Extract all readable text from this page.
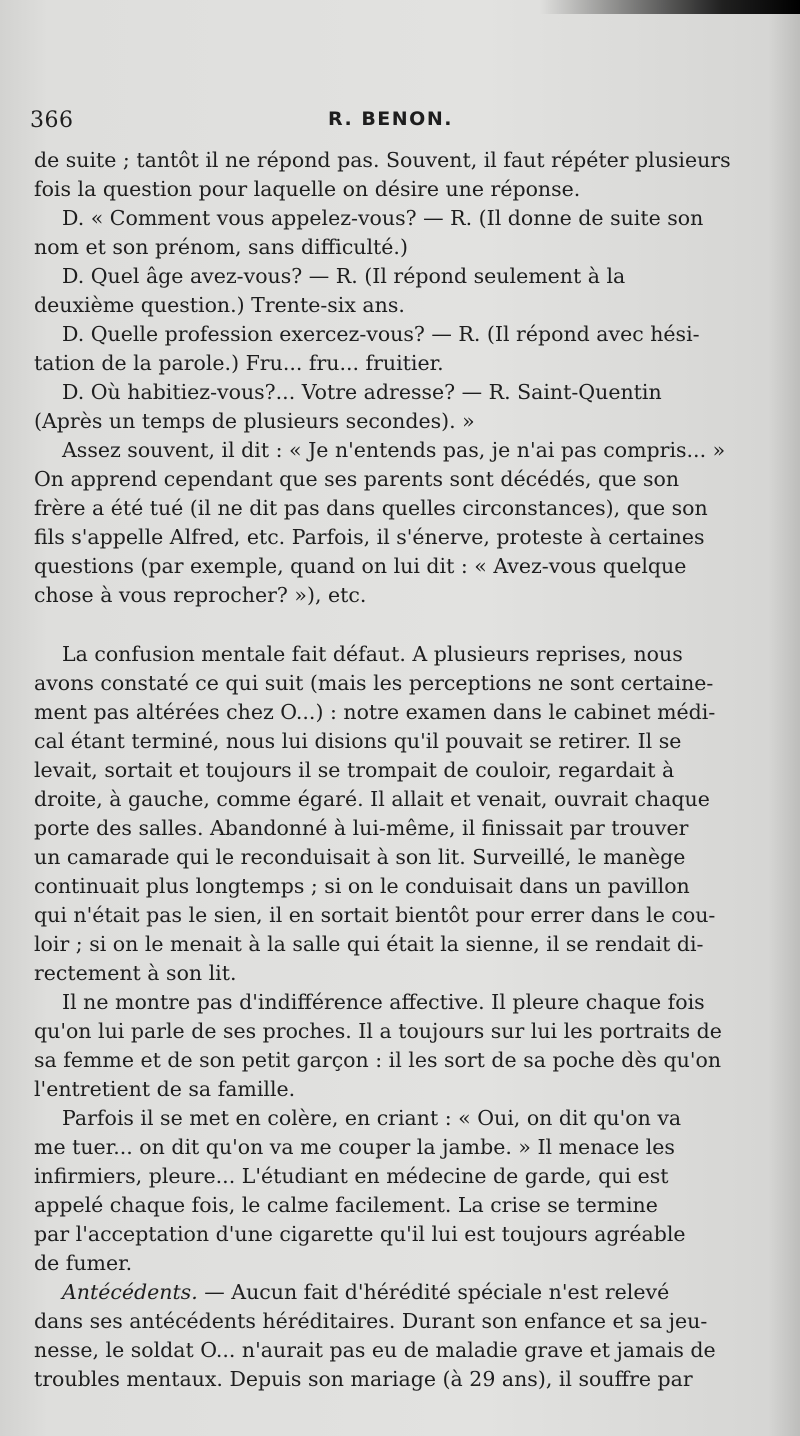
366	R. BENON.
de suite ; tantôt il ne répond pas. Souvent, il faut répéter plusieurs
fois la question pour laquelle on désire une réponse.
D. « Comment vous appelez-vous? — R. (Il donne de suite son
nom et son prénom, sans difficulté.)
D. Quel âge avez-vous? — R. (Il répond seulement à la
deuxième question.) Trente-six ans.
D. Quelle profession exercez-vous? — R. (Il répond avec hési-
tation de la parole.) Fru... fru... fruitier.
D. Où habitiez-vous?... Votre adresse? — R. Saint-Quentin
(Après un temps de plusieurs secondes). »
Assez souvent, il dit : « Je n'entends pas, je n'ai pas compris... »
On apprend cependant que ses parents sont décédés, que son
frère a été tué (il ne dit pas dans quelles circonstances), que son
fils s'appelle Alfred, etc. Parfois, il s'énerve, proteste à certaines
questions (par exemple, quand on lui dit : « Avez-vous quelque
chose à vous reprocher? »), etc.
La confusion mentale fait défaut. A plusieurs reprises, nous
avons constaté ce qui suit (mais les perceptions ne sont certaine-
ment pas altérées chez O...) : notre examen dans le cabinet médi-
cal étant terminé, nous lui disions qu'il pouvait se retirer. Il se
levait, sortait et toujours il se trompait de couloir, regardait à
droite, à gauche, comme égaré. Il allait et venait, ouvrait chaque
porte des salles. Abandonné à lui-même, il finissait par trouver
un camarade qui le reconduisait à son lit. Surveillé, le manège
continuait plus longtemps ; si on le conduisait dans un pavillon
qui n'était pas le sien, il en sortait bientôt pour errer dans le cou-
loir ; si on le menait à la salle qui était la sienne, il se rendait di-
rectement à son lit.
Il ne montre pas d'indifférence affective. Il pleure chaque fois
qu'on lui parle de ses proches. Il a toujours sur lui les portraits de
sa femme et de son petit garçon : il les sort de sa poche dès qu'on
l'entretient de sa famille.
Parfois il se met en colère, en criant : « Oui, on dit qu'on va
me tuer... on dit qu'on va me couper la jambe. » Il menace les
infirmiers, pleure... L'étudiant en médecine de garde, qui est
appelé chaque fois, le calme facilement. La crise se termine
par l'acceptation d'une cigarette qu'il lui est toujours agréable
de fumer.
Antécédents. — Aucun fait d'hérédité spéciale n'est relevé
dans ses antécédents héréditaires. Durant son enfance et sa jeu-
nesse, le soldat O... n'aurait pas eu de maladie grave et jamais de
troubles mentaux. Depuis son mariage (à 29 ans), il souffre par
